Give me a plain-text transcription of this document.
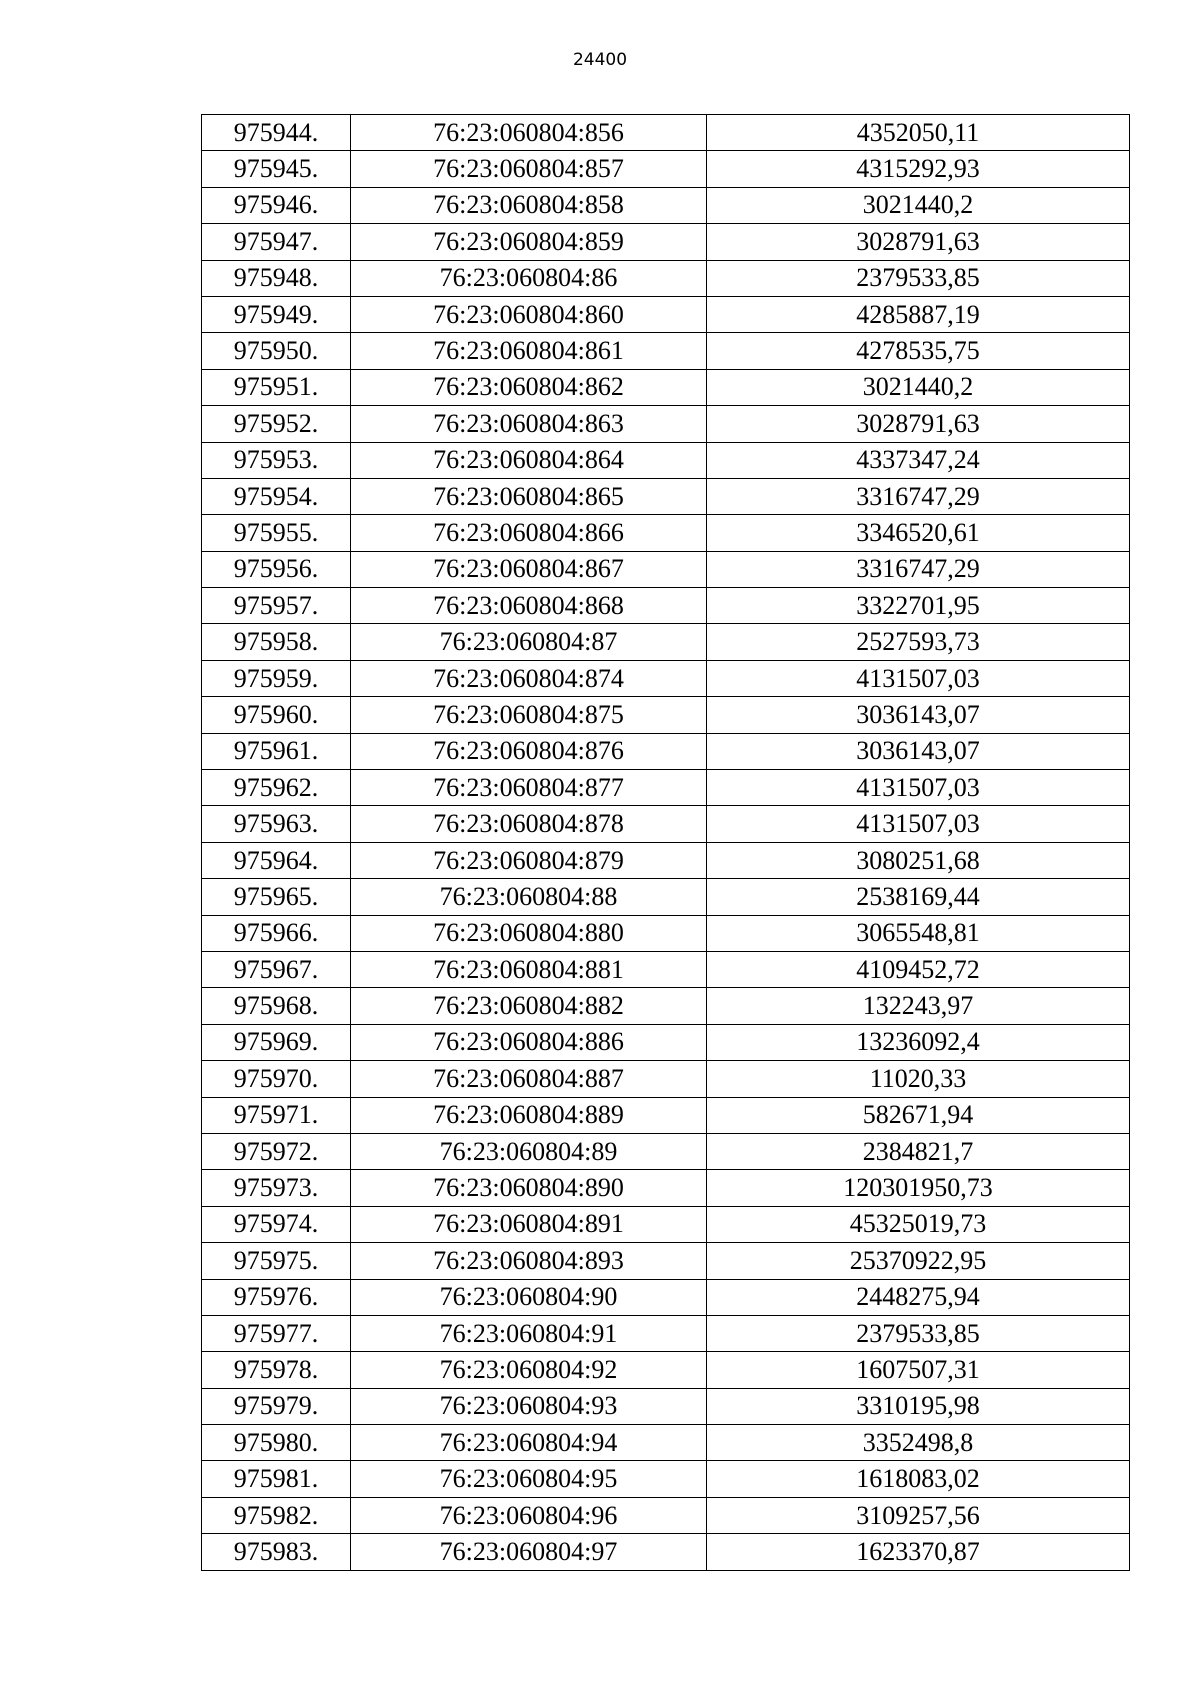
24400
975944.	76:23:060804:856	4352050,11
975945.	76:23:060804:857	4315292,93
975946.	76:23:060804:858	3021440,2
975947.	76:23:060804:859	3028791,63
975948.	76:23:060804:86	2379533,85
975949.	76:23:060804:860	4285887,19
975950.	76:23:060804:861	4278535,75
975951.	76:23:060804:862	3021440,2
975952.	76:23:060804:863	3028791,63
975953.	76:23:060804:864	4337347,24
975954.	76:23:060804:865	3316747,29
975955.	76:23:060804:866	3346520,61
975956.	76:23:060804:867	3316747,29
975957.	76:23:060804:868	3322701,95
975958.	76:23:060804:87	2527593,73
975959.	76:23:060804:874	4131507,03
975960.	76:23:060804:875	3036143,07
975961.	76:23:060804:876	3036143,07
975962.	76:23:060804:877	4131507,03
975963.	76:23:060804:878	4131507,03
975964.	76:23:060804:879	3080251,68
975965.	76:23:060804:88	2538169,44
975966.	76:23:060804:880	3065548,81
975967.	76:23:060804:881	4109452,72
975968.	76:23:060804:882	132243,97
975969.	76:23:060804:886	13236092,4
975970.	76:23:060804:887	11020,33
975971.	76:23:060804:889	582671,94
975972.	76:23:060804:89	2384821,7
975973.	76:23:060804:890	120301950,73
975974.	76:23:060804:891	45325019,73
975975.	76:23:060804:893	25370922,95
975976.	76:23:060804:90	2448275,94
975977.	76:23:060804:91	2379533,85
975978.	76:23:060804:92	1607507,31
975979.	76:23:060804:93	3310195,98
975980.	76:23:060804:94	3352498,8
975981.	76:23:060804:95	1618083,02
975982.	76:23:060804:96	3109257,56
975983.	76:23:060804:97	1623370,87
